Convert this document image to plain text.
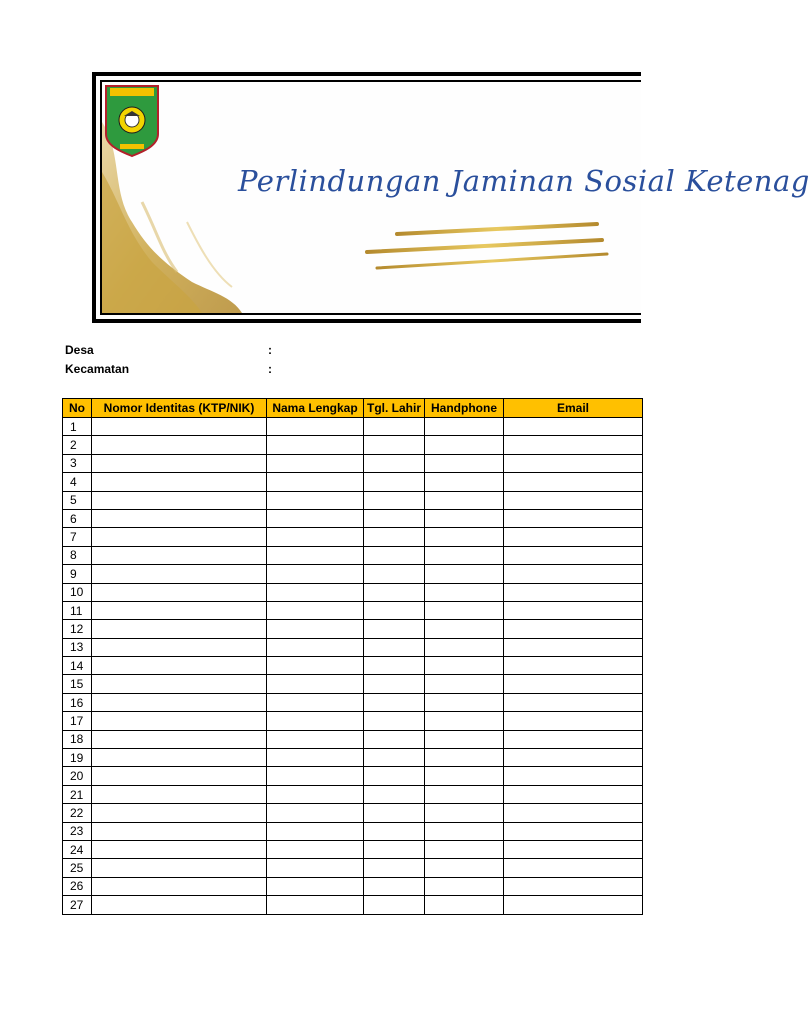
Perlindungan Jaminan Sosial Ketenag
Desa	:
Kecamatan	:
No	Nomor Identitas (KTP/NIK)	Nama Lengkap	Tgl. Lahir	Handphone	Email
1					
2					
3					
4					
5					
6					
7					
8					
9					
10					
11					
12					
13					
14					
15					
16					
17					
18					
19					
20					
21					
22					
23					
24					
25					
26					
27					
